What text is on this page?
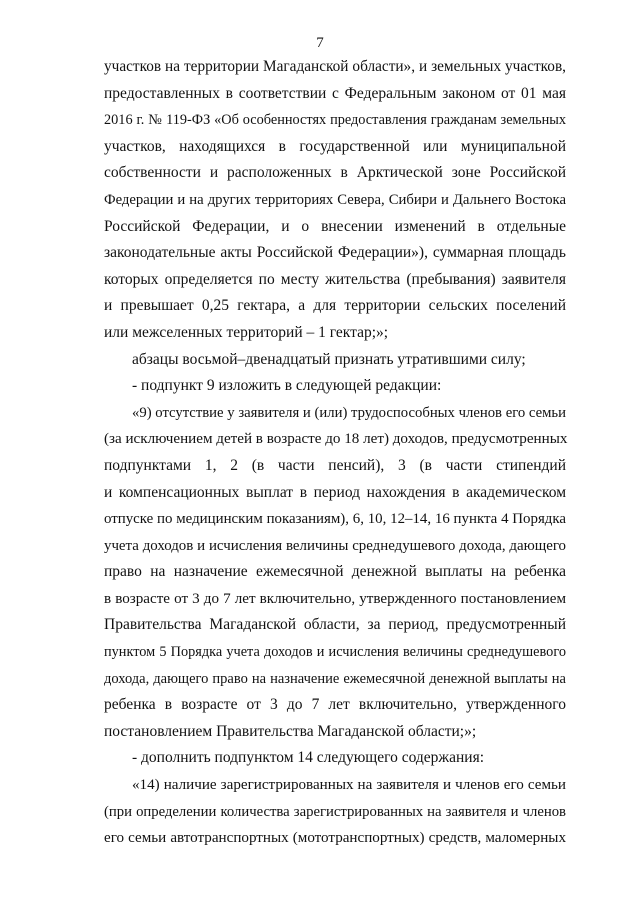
7
участков на территории Магаданской области», и земельных участков,
предоставленных в соответствии с Федеральным законом от 01 мая
2016 г. № 119-ФЗ «Об особенностях предоставления гражданам земельных
участков, находящихся в государственной или муниципальной
собственности и расположенных в Арктической зоне Российской
Федерации и на других территориях Севера, Сибири и Дальнего Востока
Российской Федерации, и о внесении изменений в отдельные
законодательные акты Российской Федерации»), суммарная площадь
которых определяется по месту жительства (пребывания) заявителя
и превышает 0,25 гектара, а для территории сельских поселений
или межселенных территорий – 1 гектар;»;
абзацы восьмой–двенадцатый признать утратившими силу;
- подпункт 9 изложить в следующей редакции:
«9) отсутствие у заявителя и (или) трудоспособных членов его семьи
(за исключением детей в возрасте до 18 лет) доходов, предусмотренных
подпунктами 1, 2 (в части пенсий), 3 (в части стипендий
и компенсационных выплат в период нахождения в академическом
отпуске по медицинским показаниям), 6, 10, 12–14, 16 пункта 4 Порядка
учета доходов и исчисления величины среднедушевого дохода, дающего
право на назначение ежемесячной денежной выплаты на ребенка
в возрасте от 3 до 7 лет включительно, утвержденного постановлением
Правительства Магаданской области, за период, предусмотренный
пунктом 5 Порядка учета доходов и исчисления величины среднедушевого
дохода, дающего право на назначение ежемесячной денежной выплаты на
ребенка в возрасте от 3 до 7 лет включительно, утвержденного
постановлением Правительства Магаданской области;»;
- дополнить подпунктом 14 следующего содержания:
«14) наличие зарегистрированных на заявителя и членов его семьи
(при определении количества зарегистрированных на заявителя и членов
его семьи автотранспортных (мототранспортных) средств, маломерных
